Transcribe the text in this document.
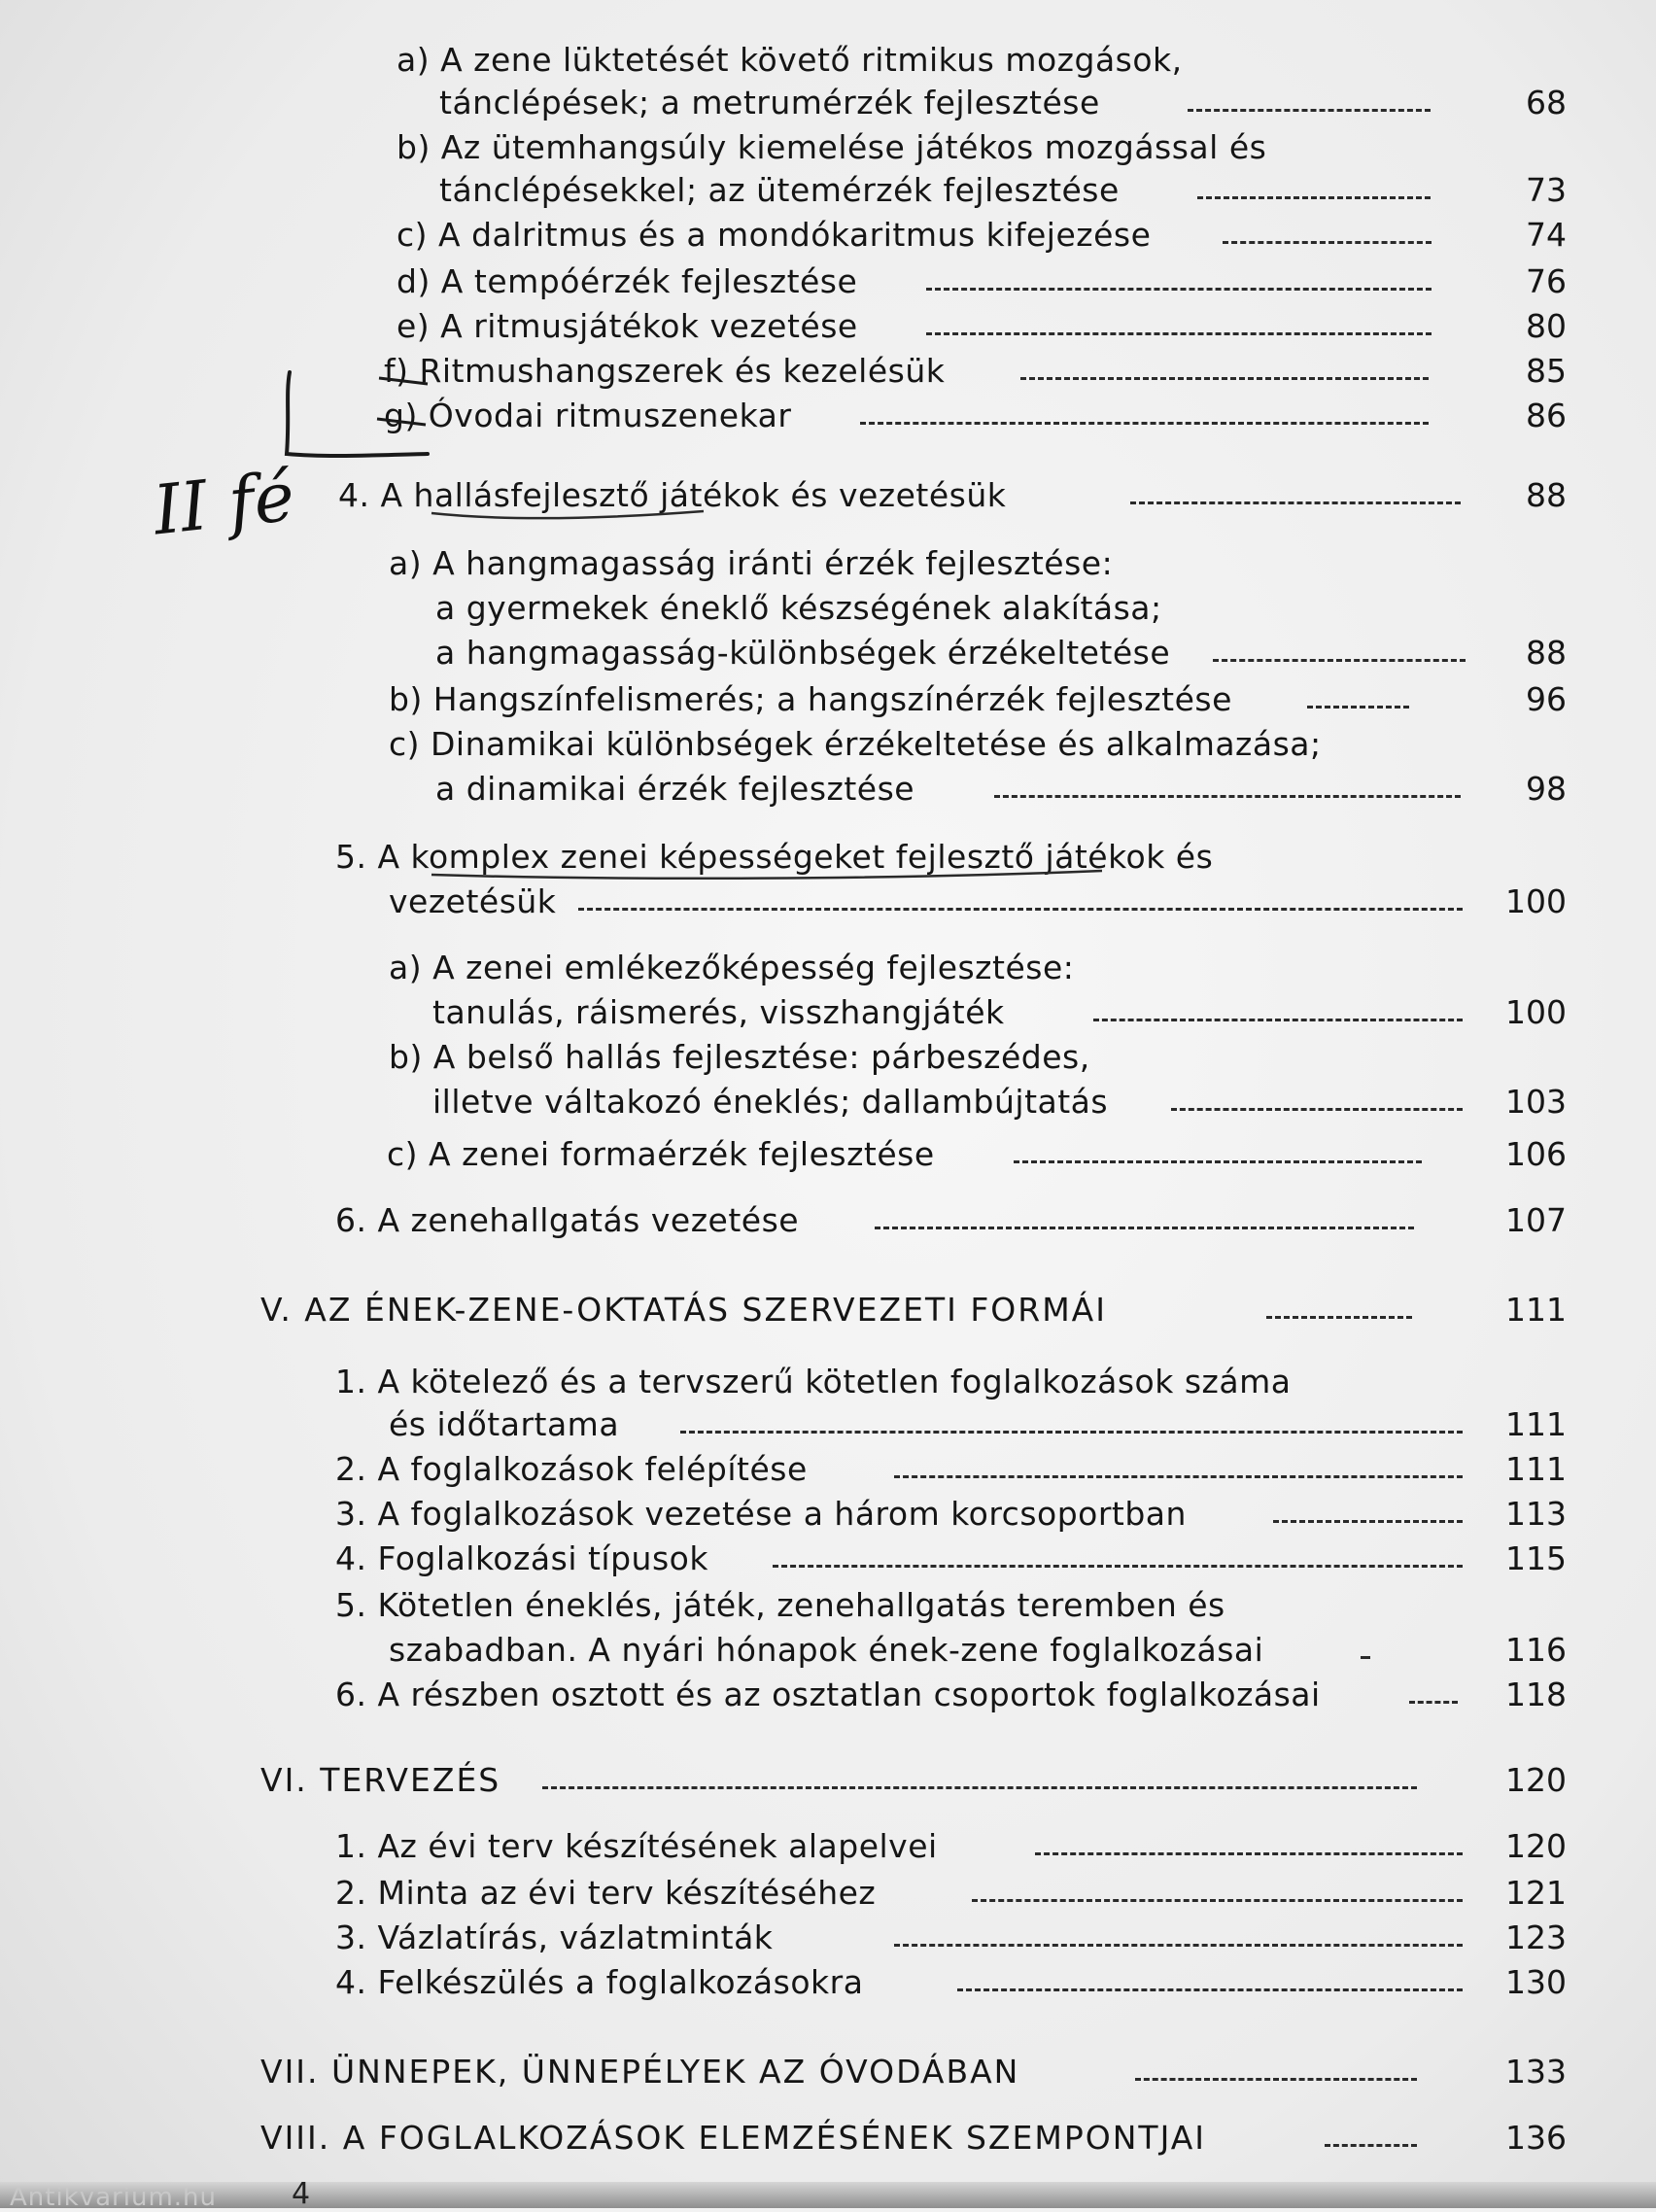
a) A zene lüktetését követő ritmikus mozgások,
tánclépések; a metrumérzék fejlesztése	68
b) Az ütemhangsúly kiemelése játékos mozgással és
tánclépésekkel; az ütemérzék fejlesztése	73
c) A dalritmus és a mondókaritmus kifejezése	74
d) A tempóérzék fejlesztése	76
e) A ritmusjátékok vezetése	80
f) Ritmushangszerek és kezelésük	85
g) Óvodai ritmuszenekar	86
4. A hallásfejlesztő játékok és vezetésük	88
a) A hangmagasság iránti érzék fejlesztése:
a gyermekek éneklő készségének alakítása;
a hangmagasság-különbségek érzékeltetése	88
b) Hangszínfelismerés; a hangszínérzék fejlesztése	96
c) Dinamikai különbségek érzékeltetése és alkalmazása;
a dinamikai érzék fejlesztése	98
5. A komplex zenei képességeket fejlesztő játékok és
vezetésük	100
a) A zenei emlékezőképesség fejlesztése:
tanulás, ráismerés, visszhangjáték	100
b) A belső hallás fejlesztése: párbeszédes,
illetve váltakozó éneklés; dallambújtatás	103
c) A zenei formaérzék fejlesztése	106
6. A zenehallgatás vezetése	107
V. AZ ÉNEK-ZENE-OKTATÁS SZERVEZETI FORMÁI	111
1. A kötelező és a tervszerű kötetlen foglalkozások száma
és időtartama	111
2. A foglalkozások felépítése	111
3. A foglalkozások vezetése a három korcsoportban	113
4. Foglalkozási típusok	115
5. Kötetlen éneklés, játék, zenehallgatás teremben és
szabadban. A nyári hónapok ének-zene foglalkozásai	116
6. A részben osztott és az osztatlan csoportok foglalkozásai	118
VI. TERVEZÉS	120
1. Az évi terv készítésének alapelvei	120
2. Minta az évi terv készítéséhez	121
3. Vázlatírás, vázlatminták	123
4. Felkészülés a foglalkozásokra	130
VII. ÜNNEPEK, ÜNNEPÉLYEK AZ ÓVODÁBAN	133
VIII. A FOGLALKOZÁSOK ELEMZÉSÉNEK SZEMPONTJAI	136
II fé
Antikvarium.hu	4
